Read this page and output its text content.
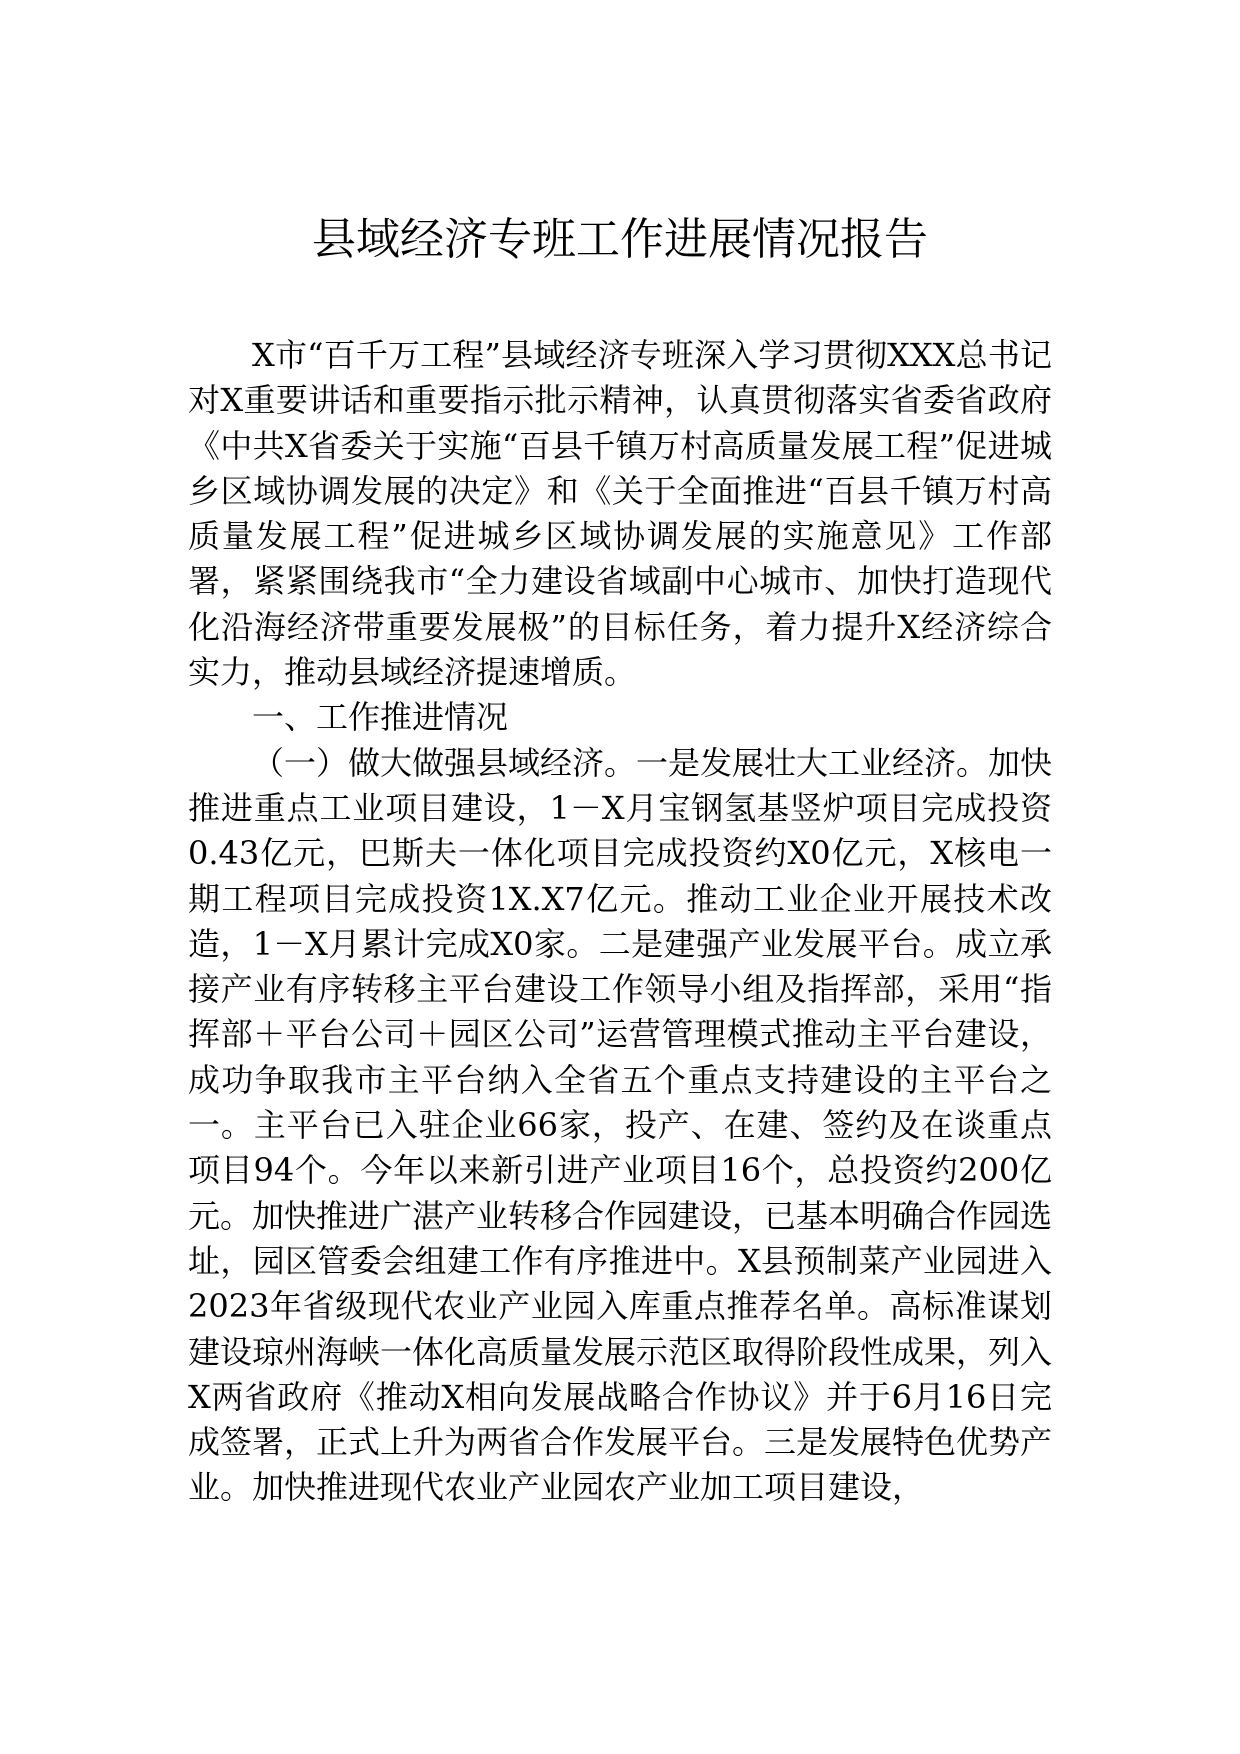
县域经济专班工作进展情况报告

X市“百千万工程”县域经济专班深入学习贯彻XXX总书记对X重要讲话和重要指示批示精神，认真贯彻落实省委省政府《中共X省委关于实施“百县千镇万村高质量发展工程”促进城乡区域协调发展的决定》和《关于全面推进“百县千镇万村高质量发展工程”促进城乡区域协调发展的实施意见》工作部署，紧紧围绕我市“全力建设省域副中心城市、加快打造现代化沿海经济带重要发展极”的目标任务，着力提升X经济综合实力，推动县域经济提速增质。

一、工作推进情况

（一）做大做强县域经济。一是发展壮大工业经济。加快推进重点工业项目建设，1－X月宝钢氢基竖炉项目完成投资0.43亿元，巴斯夫一体化项目完成投资约X0亿元，X核电一期工程项目完成投资1X.X7亿元。推动工业企业开展技术改造，1－X月累计完成X0家。二是建强产业发展平台。成立承接产业有序转移主平台建设工作领导小组及指挥部，采用“指挥部＋平台公司＋园区公司”运营管理模式推动主平台建设，成功争取我市主平台纳入全省五个重点支持建设的主平台之一。主平台已入驻企业66家，投产、在建、签约及在谈重点项目94个。今年以来新引进产业项目16个，总投资约200亿元。加快推进广湛产业转移合作园建设，已基本明确合作园选址，园区管委会组建工作有序推进中。X县预制菜产业园进入2023年省级现代农业产业园入库重点推荐名单。高标准谋划建设琼州海峡一体化高质量发展示范区取得阶段性成果，列入X两省政府《推动X相向发展战略合作协议》并于6月16日完成签署，正式上升为两省合作发展平台。三是发展特色优势产业。加快推进现代农业产业园农产业加工项目建设，
